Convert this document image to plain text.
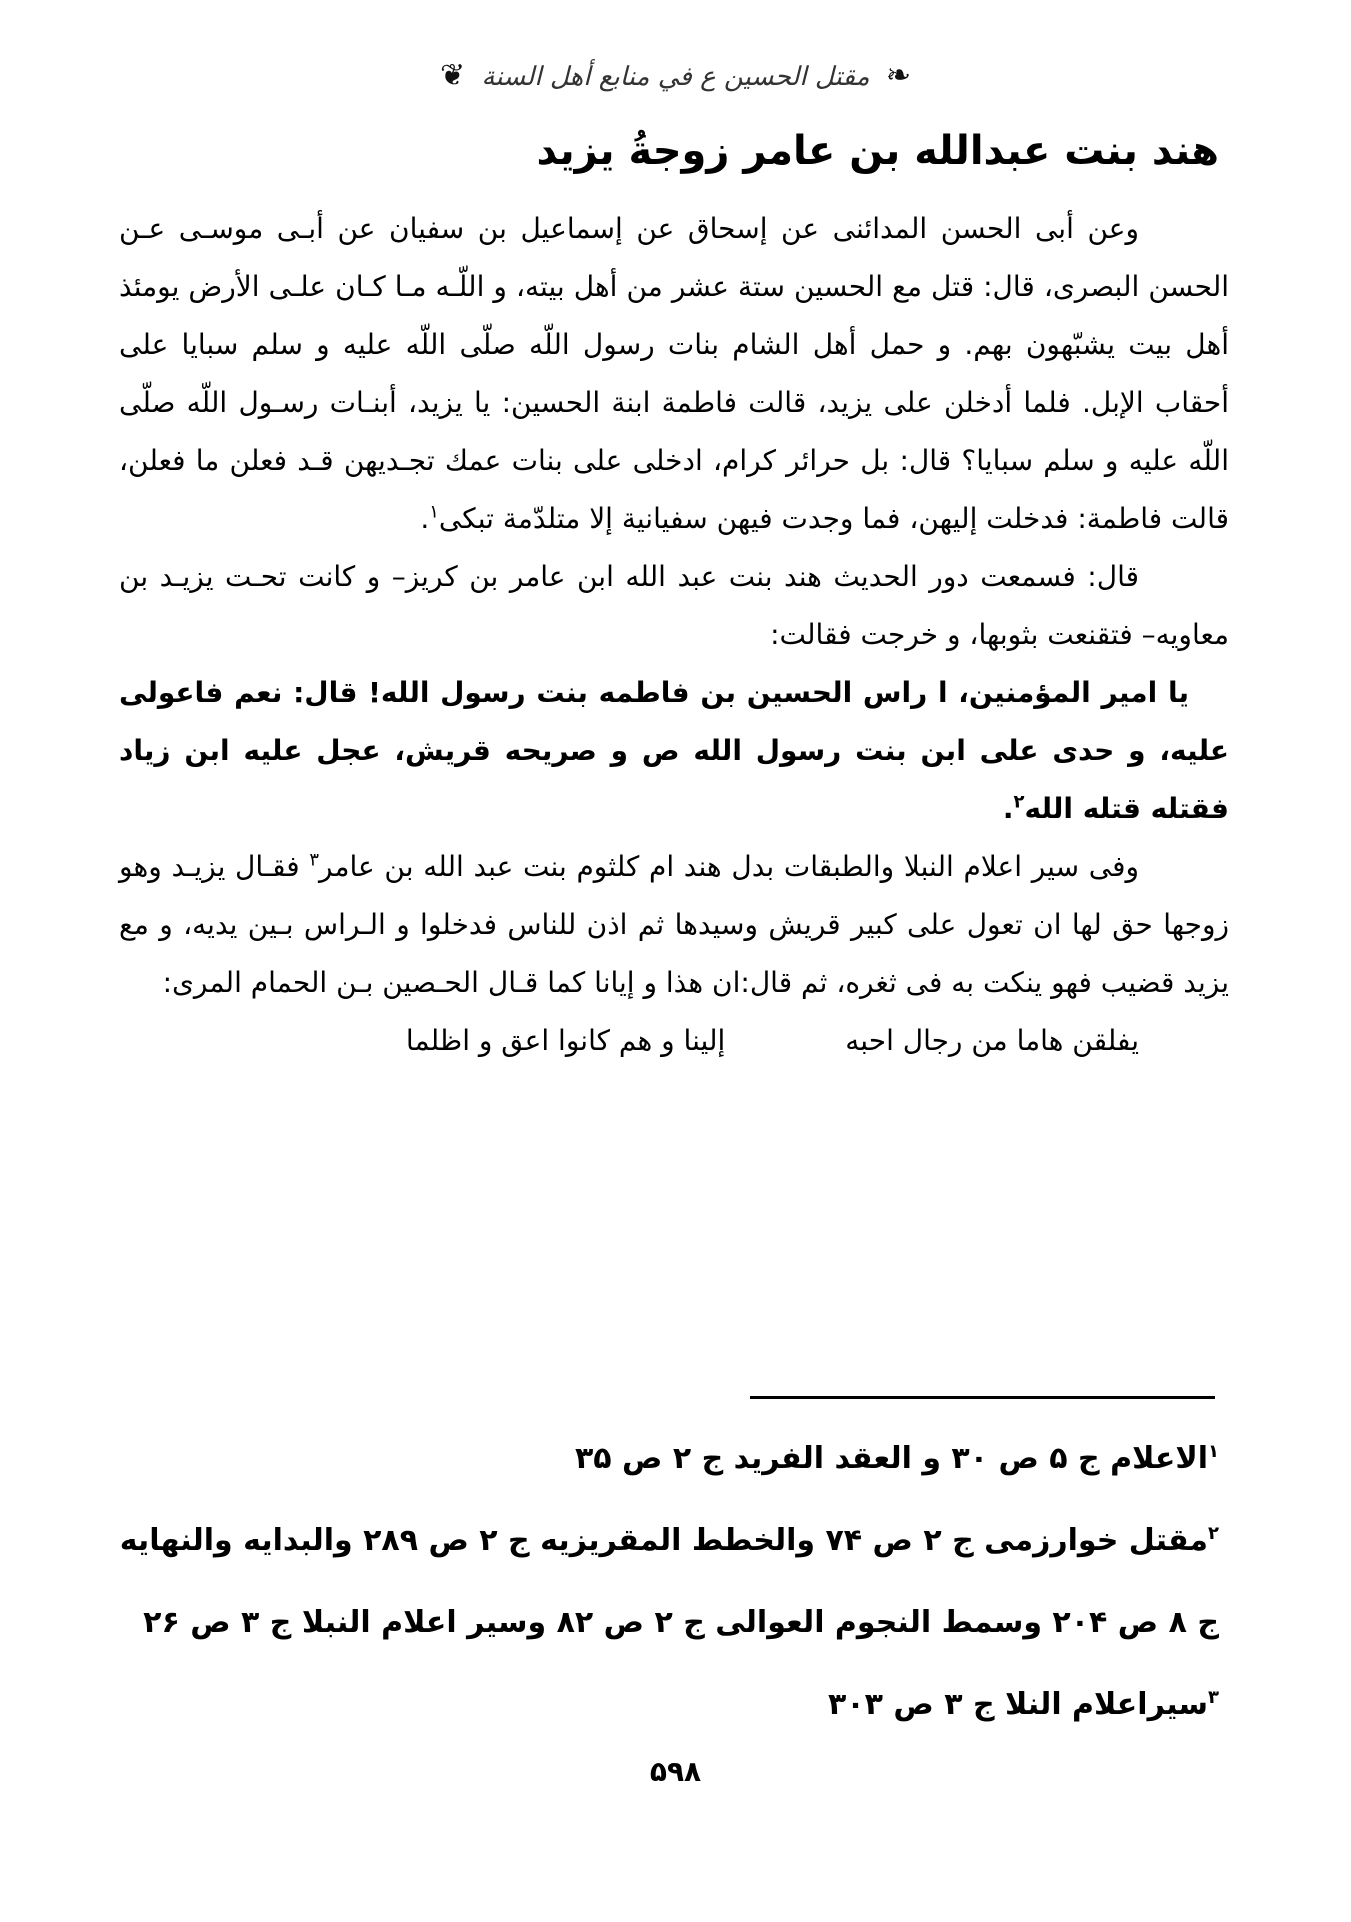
❧ مقتل الحسين ع في منابع أهل السنة ❦
هند بنت عبدالله بن عامر زوجةُ يزيد

وعن أبى الحسن المدائنى عن إسحاق عن إسماعيل بن سفيان عن أبـى موسـى عـن الحسن البصرى، قال: قتل مع الحسين ستة عشر من أهل بيته، و اللّـه مـا كـان علـى الأرض يومئذ أهل بيت يشبّهون بهم. و حمل أهل الشام بنات رسول اللّه صلّى اللّه عليه و سلم سبايا على أحقاب الإبل. فلما أدخلن على يزيد، قالت فاطمة ابنة الحسين: يا يزيد، أبنـات رسـول اللّه صلّى اللّه عليه و سلم سبايا؟ قال: بل حرائر كرام، ادخلى على بنات عمك تجـديهن قـد فعلن ما فعلن، قالت فاطمة: فدخلت إليهن، فما وجدت فيهن سفيانية إلا متلدّمة تبكى$^١$.

قال: فسمعت دور الحديث هند بنت عبد الله ابن عامر بن كريز– و كانت تحـت يزيـد بن معاويه– فتقنعت بثوبها، و خرجت فقالت:

يا امير المؤمنين، ا راس الحسين بن فاطمه بنت رسول الله! قال: نعم فاعولى عليه، و حدى على ابن بنت رسول الله ص و صريحه قريش، عجل عليه ابن زياد فقتله قتله الله$^٢$.

وفى سير اعلام النبلا والطبقات بدل هند ام كلثوم بنت عبد الله بن عامر$^٣$ فقـال يزيـد وهو زوجها حق لها ان تعول على كبير قريش وسيدها ثم اذن للناس فدخلوا و الـراس بـين يديه، و مع يزيد قضيب فهو ينكت به فى ثغره، ثم قال:ان هذا و إيانا كما قـال الحـصين بـن الحمام المرى:

يفلقن هاما من رجال احبه
إلينا و هم كانوا اعق و اظلما

$^١$الاعلام ج ۵ ص ۳۰ و العقد الفريد ج ۲ ص ۳۵

$^٢$مقتل خوارزمى ج ۲ ص ۷۴ والخطط المقريزيه ج ۲ ص ۲۸۹ والبدايه والنهايه ج ۸ ص ۲۰۴ وسمط النجوم العوالى ج ۲ ص ۸۲ وسير اعلام النبلا ج ۳ ص ۲۶

$^٣$سيراعلام النلا ج ۳ ص ۳۰۳

۵۹۸
